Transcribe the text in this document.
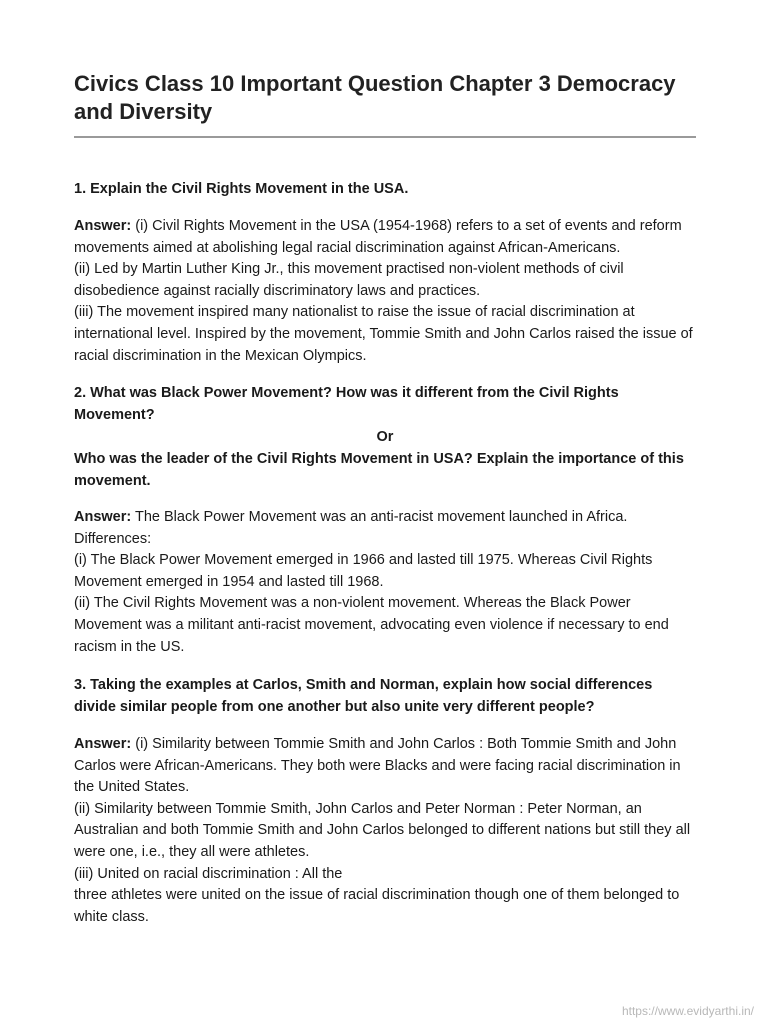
Civics Class 10 Important Question Chapter 3 Democracy and Diversity

1. Explain the Civil Rights Movement in the USA.

Answer: (i) Civil Rights Movement in the USA (1954-1968) refers to a set of events and reform movements aimed at abolishing legal racial discrimination against African-Americans.
(ii) Led by Martin Luther King Jr., this movement practised non-violent methods of civil disobedience against racially discriminatory laws and practices.
(iii) The movement inspired many nationalist to raise the issue of racial discrimination at international level. Inspired by the movement, Tommie Smith and John Carlos raised the issue of racial discrimination in the Mexican Olympics.

2. What was Black Power Movement? How was it different from the Civil Rights Movement?

Or

Who was the leader of the Civil Rights Movement in USA? Explain the importance of this movement.

Answer: The Black Power Movement was an anti-racist movement launched in Africa.
Differences:
(i) The Black Power Movement emerged in 1966 and lasted till 1975. Whereas Civil Rights Movement emerged in 1954 and lasted till 1968.
(ii) The Civil Rights Movement was a non-violent movement. Whereas the Black Power Movement was a militant anti-racist movement, advocating even violence if necessary to end racism in the US.

3. Taking the examples at Carlos, Smith and Norman, explain how social differences divide similar people from one another but also unite very different people?

Answer: (i) Similarity between Tommie Smith and John Carlos : Both Tommie Smith and John Carlos were African-Americans. They both were Blacks and were facing racial discrimination in the United States.
(ii) Similarity between Tommie Smith, John Carlos and Peter Norman : Peter Norman, an Australian and both Tommie Smith and John Carlos belonged to different nations but still they all were one, i.e., they all were athletes.
(iii) United on racial discrimination : All the
three athletes were united on the issue of racial discrimination though one of them belonged to white class.

https://www.evidyarthi.in/
